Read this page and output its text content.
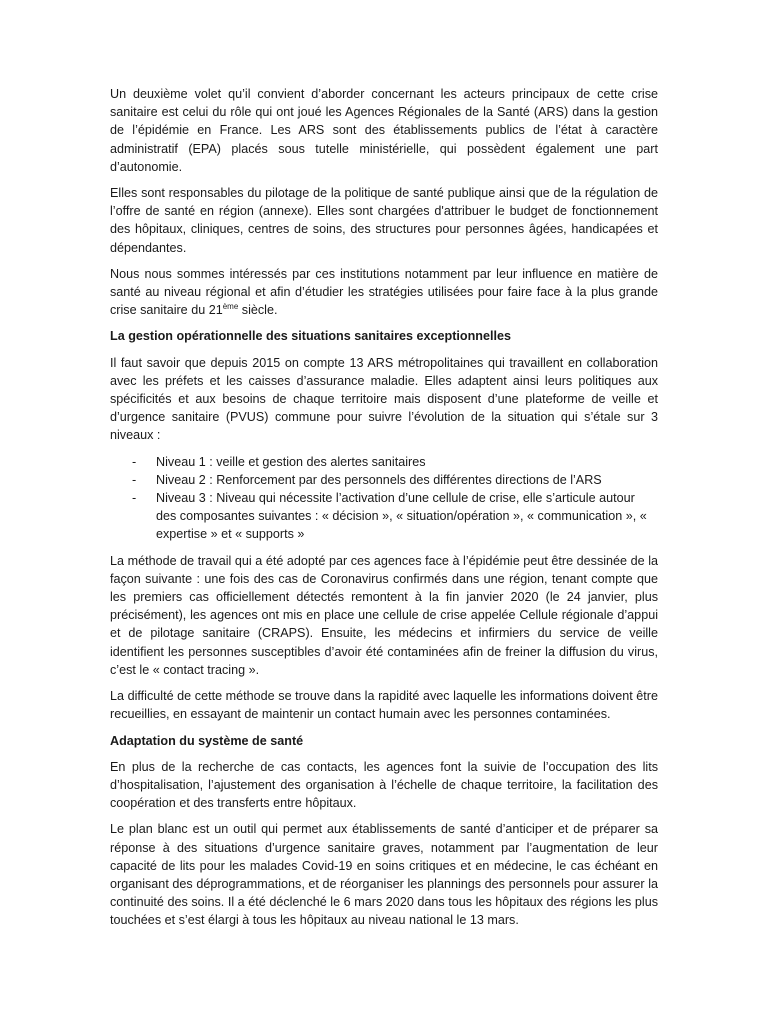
Un deuxième volet qu’il convient d’aborder concernant les acteurs principaux de cette crise sanitaire est celui du rôle qui ont joué les Agences Régionales de la Santé (ARS) dans la gestion de l’épidémie en France. Les ARS sont des établissements publics de l’état à caractère administratif (EPA) placés sous tutelle ministérielle, qui possèdent également une part d’autonomie.

Elles sont responsables du pilotage de la politique de santé publique ainsi que de la régulation de l’offre de santé en région (annexe). Elles sont chargées d'attribuer le budget de fonctionnement des hôpitaux, cliniques, centres de soins, des structures pour personnes âgées, handicapées et dépendantes.

Nous nous sommes intéressés par ces institutions notamment par leur influence en matière de santé au niveau régional et afin d’étudier les stratégies utilisées pour faire face à la plus grande crise sanitaire du 21ème siècle.

La gestion opérationnelle des situations sanitaires exceptionnelles

Il faut savoir que depuis 2015 on compte 13 ARS métropolitaines qui travaillent en collaboration avec les préfets et les caisses d’assurance maladie. Elles adaptent ainsi leurs politiques aux spécificités et aux besoins de chaque territoire mais disposent d’une plateforme de veille et d’urgence sanitaire (PVUS) commune pour suivre l’évolution de la situation qui s’étale sur 3 niveaux :

- Niveau 1 : veille et gestion des alertes sanitaires
- Niveau 2 : Renforcement par des personnels des différentes directions de l’ARS
- Niveau 3 : Niveau qui nécessite l’activation d’une cellule de crise, elle s’articule autour des composantes suivantes : « décision », « situation/opération », « communication », « expertise » et « supports »

La méthode de travail qui a été adopté par ces agences face à l’épidémie peut être dessinée de la façon suivante : une fois des cas de Coronavirus confirmés dans une région, tenant compte que les premiers cas officiellement détectés remontent à la fin janvier 2020 (le 24 janvier, plus précisément), les agences ont mis en place une cellule de crise appelée Cellule régionale d’appui et de pilotage sanitaire (CRAPS). Ensuite, les médecins et infirmiers du service de veille identifient les personnes susceptibles d’avoir été contaminées afin de freiner la diffusion du virus, c’est le « contact tracing ».

La difficulté de cette méthode se trouve dans la rapidité avec laquelle les informations doivent être recueillies, en essayant de maintenir un contact humain avec les personnes contaminées.

Adaptation du système de santé

En plus de la recherche de cas contacts, les agences font la suivie de l’occupation des lits d’hospitalisation, l’ajustement des organisation à l’échelle de chaque territoire, la facilitation des coopération et des transferts entre hôpitaux.

Le plan blanc est un outil qui permet aux établissements de santé d’anticiper et de préparer sa réponse à des situations d’urgence sanitaire graves, notamment par l’augmentation de leur capacité de lits pour les malades Covid-19 en soins critiques et en médecine, le cas échéant en organisant des déprogrammations, et de réorganiser les plannings des personnels pour assurer la continuité des soins. Il a été déclenché le 6 mars 2020 dans tous les hôpitaux des régions les plus touchées et s’est élargi à tous les hôpitaux au niveau national le 13 mars.
